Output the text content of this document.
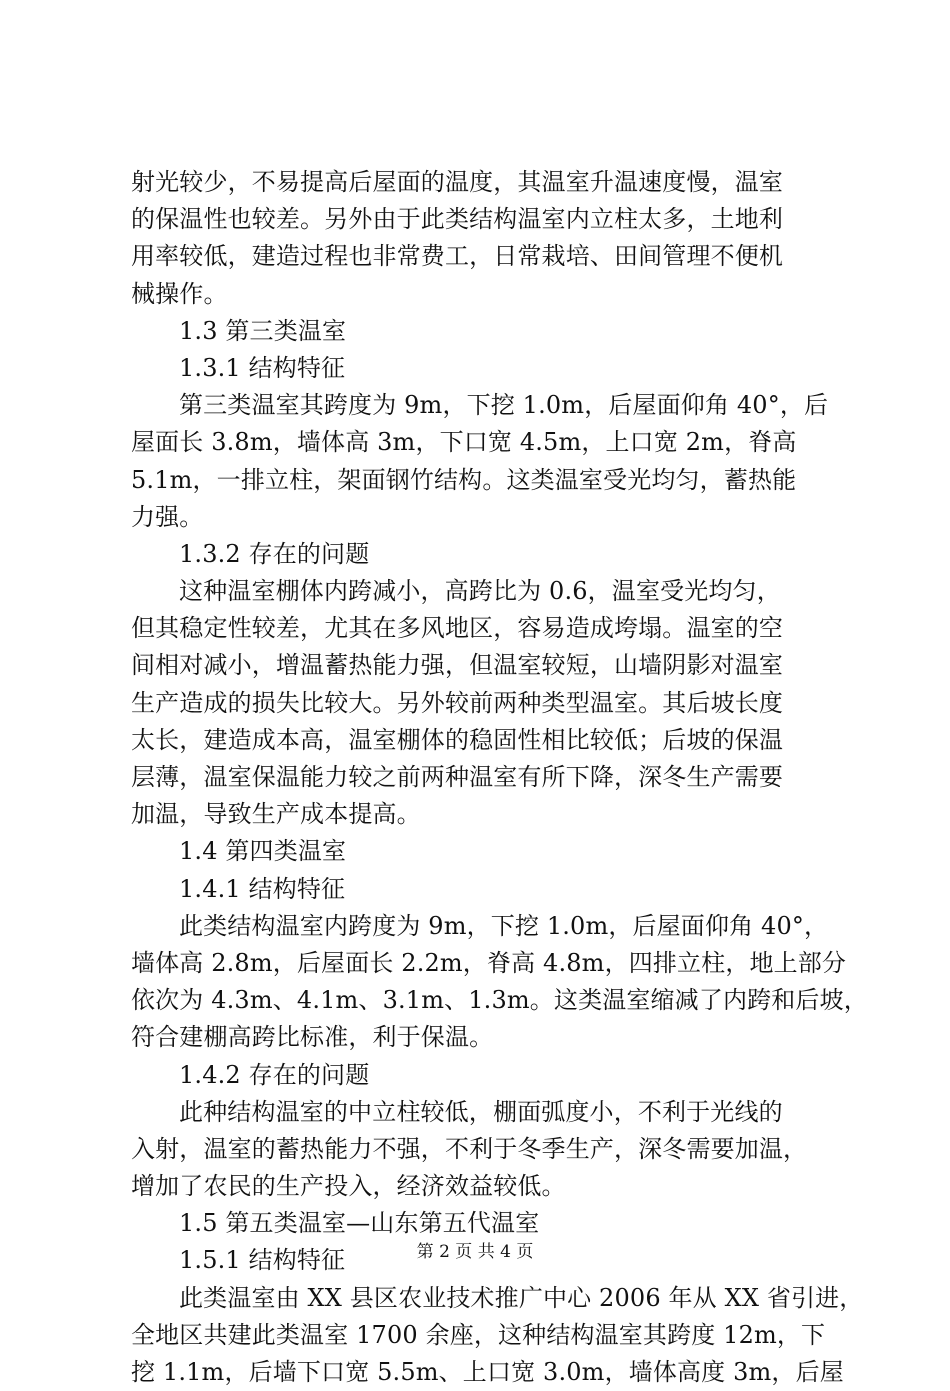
射光较少，不易提高后屋面的温度，其温室升温速度慢，温室
的保温性也较差。另外由于此类结构温室内立柱太多，土地利
用率较低，建造过程也非常费工，日常栽培、田间管理不便机
械操作。
1.3 第三类温室
1.3.1 结构特征
第三类温室其跨度为 9m，下挖 1.0m，后屋面仰角 40°，后
屋面长 3.8m，墙体高 3m，下口宽 4.5m，上口宽 2m，脊高
5.1m，一排立柱，架面钢竹结构。这类温室受光均匀，蓄热能
力强。
1.3.2 存在的问题
这种温室棚体内跨减小，高跨比为 0.6，温室受光均匀，
但其稳定性较差，尤其在多风地区，容易造成垮塌。温室的空
间相对减小，增温蓄热能力强，但温室较短，山墙阴影对温室
生产造成的损失比较大。另外较前两种类型温室。其后坡长度
太长，建造成本高，温室棚体的稳固性相比较低；后坡的保温
层薄，温室保温能力较之前两种温室有所下降，深冬生产需要
加温，导致生产成本提高。
1.4 第四类温室
1.4.1 结构特征
此类结构温室内跨度为 9m，下挖 1.0m，后屋面仰角 40°，
墙体高 2.8m，后屋面长 2.2m，脊高 4.8m，四排立柱，地上部分
依次为 4.3m、4.1m、3.1m、1.3m。这类温室缩减了内跨和后坡，
符合建棚高跨比标准，利于保温。
1.4.2 存在的问题
此种结构温室的中立柱较低，棚面弧度小，不利于光线的
入射，温室的蓄热能力不强，不利于冬季生产，深冬需要加温，
增加了农民的生产投入，经济效益较低。
1.5 第五类温室—山东第五代温室
1.5.1 结构特征
此类温室由 XX 县区农业技术推广中心 2006 年从 XX 省引进，
全地区共建此类温室 1700 余座，这种结构温室其跨度 12m，下
挖 1.1m，后墙下口宽 5.5m、上口宽 3.0m，墙体高度 3m，后屋
第 2 页 共 4 页
